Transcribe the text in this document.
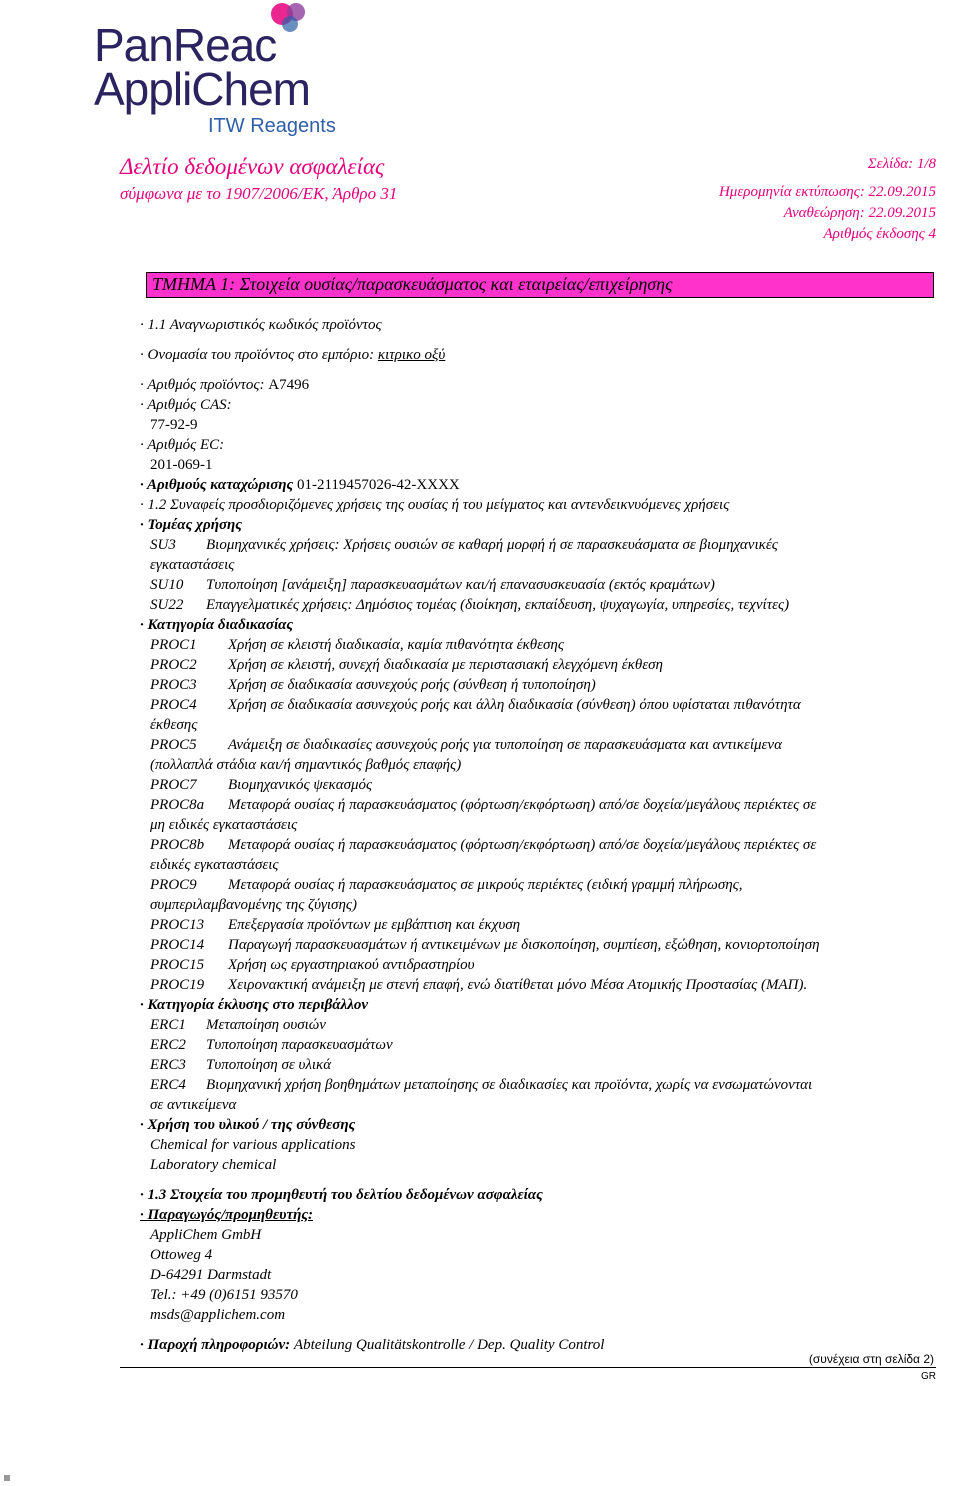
PanReac
AppliChem
ITW Reagents
Δελτίο δεδομένων ασφαλείας
σύμφωνα με το 1907/2006/ΕΚ, Άρθρο 31
Σελίδα: 1/8
Ημερομηνία εκτύπωσης: 22.09.2015
Αναθεώρηση: 22.09.2015
Αριθμός έκδοσης 4
ΤΜΗΜΑ 1: Στοιχεία ουσίας/παρασκευάσματος και εταιρείας/επιχείρησης
· 1.1 Αναγνωριστικός κωδικός προϊόντος
· Ονομασία του προϊόντος στο εμπόριο: κιτρικο οξύ
· Αριθμός προϊόντος: A7496
· Αριθμός CAS:
77-92-9
· Αριθμός EC:
201-069-1
· Αριθμούς καταχώρισης 01-2119457026-42-XXXX
· 1.2 Συναφείς προσδιοριζόμενες χρήσεις της ουσίας ή του μείγματος και αντενδεικνυόμενες χρήσεις
· Τομέας χρήσης
SU3 Βιομηχανικές χρήσεις: Χρήσεις ουσιών σε καθαρή μορφή ή σε παρασκευάσματα σε βιομηχανικές
εγκαταστάσεις
SU10 Τυποποίηση [ανάμειξη] παρασκευασμάτων και/ή επανασυσκευασία (εκτός κραμάτων)
SU22 Επαγγελματικές χρήσεις: Δημόσιος τομέας (διοίκηση, εκπαίδευση, ψυχαγωγία, υπηρεσίες, τεχνίτες)
· Κατηγορία διαδικασίας
PROC1 Χρήση σε κλειστή διαδικασία, καμία πιθανότητα έκθεσης
PROC2 Χρήση σε κλειστή, συνεχή διαδικασία με περιστασιακή ελεγχόμενη έκθεση
PROC3 Χρήση σε διαδικασία ασυνεχούς ροής (σύνθεση ή τυποποίηση)
PROC4 Χρήση σε διαδικασία ασυνεχούς ροής και άλλη διαδικασία (σύνθεση) όπου υφίσταται πιθανότητα
έκθεσης
PROC5 Ανάμειξη σε διαδικασίες ασυνεχούς ροής για τυποποίηση σε παρασκευάσματα και αντικείμενα
(πολλαπλά στάδια και/ή σημαντικός βαθμός επαφής)
PROC7 Βιομηχανικός ψεκασμός
PROC8a Μεταφορά ουσίας ή παρασκευάσματος (φόρτωση/εκφόρτωση) από/σε δοχεία/μεγάλους περιέκτες σε
μη ειδικές εγκαταστάσεις
PROC8b Μεταφορά ουσίας ή παρασκευάσματος (φόρτωση/εκφόρτωση) από/σε δοχεία/μεγάλους περιέκτες σε
ειδικές εγκαταστάσεις
PROC9 Μεταφορά ουσίας ή παρασκευάσματος σε μικρούς περιέκτες (ειδική γραμμή πλήρωσης,
συμπεριλαμβανομένης της ζύγισης)
PROC13 Επεξεργασία προϊόντων με εμβάπτιση και έκχυση
PROC14 Παραγωγή παρασκευασμάτων ή αντικειμένων με δισκοποίηση, συμπίεση, εξώθηση, κονιορτοποίηση
PROC15 Χρήση ως εργαστηριακού αντιδραστηρίου
PROC19 Χειρονακτική ανάμειξη με στενή επαφή, ενώ διατίθεται μόνο Μέσα Ατομικής Προστασίας (ΜΑΠ).
· Κατηγορία έκλυσης στο περιβάλλον
ERC1 Μεταποίηση ουσιών
ERC2 Τυποποίηση παρασκευασμάτων
ERC3 Τυποποίηση σε υλικά
ERC4 Βιομηχανική χρήση βοηθημάτων μεταποίησης σε διαδικασίες και προϊόντα, χωρίς να ενσωματώνονται
σε αντικείμενα
· Χρήση του υλικού / της σύνθεσης
Chemical for various applications
Laboratory chemical
· 1.3 Στοιχεία του προμηθευτή του δελτίου δεδομένων ασφαλείας
· Παραγωγός/προμηθευτής:
AppliChem GmbH
Ottoweg 4
D-64291 Darmstadt
Tel.: +49 (0)6151 93570
msds@applichem.com
· Παροχή πληροφοριών: Abteilung Qualitätskontrolle / Dep. Quality Control
(συνέχεια στη σελίδα 2)
GR
